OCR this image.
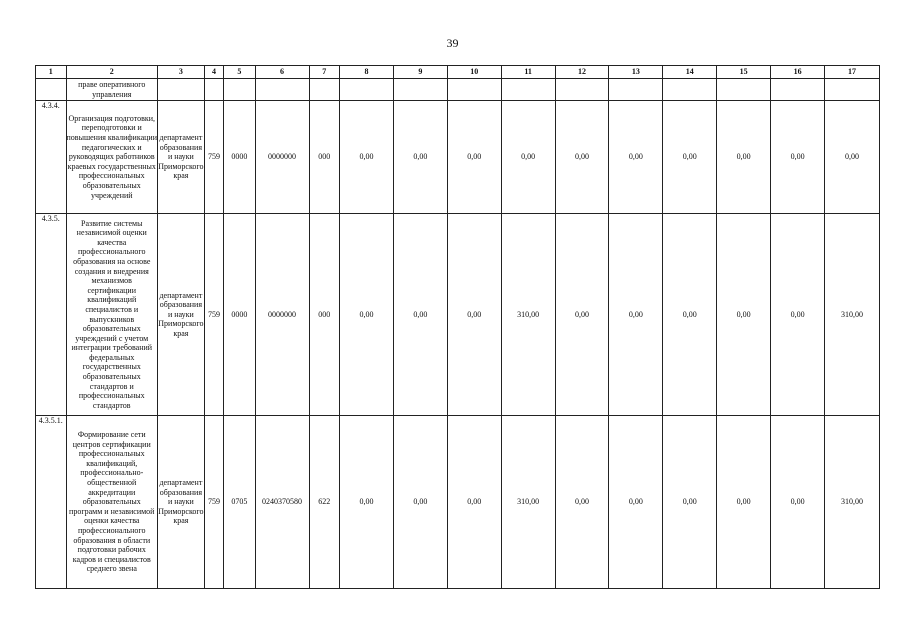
39
1	2	3	4	5	6	7	8	9	10	11	12	13	14	15	16	17
	праве оперативного управления															
4.3.4.	Организация подготовки, переподготовки и повышения квалификации педагогических и руководящих работников краевых государственных профессиональных образовательных учреждений	департамент образования и науки Приморского края	759	0000	0000000	000	0,00	0,00	0,00	0,00	0,00	0,00	0,00	0,00	0,00	0,00
4.3.5.	Развитие системы независимой оценки качества профессионального образования на основе создания и внедрения механизмов сертификации квалификаций специалистов и выпускников образовательных учреждений с учетом интеграции требований федеральных государственных образовательных стандартов и профессиональных стандартов	департамент образования и науки Приморского края	759	0000	0000000	000	0,00	0,00	0,00	310,00	0,00	0,00	0,00	0,00	0,00	310,00
4.3.5.1.	Формирование сети центров сертификации профессиональных квалификаций, профессионально-общественной аккредитации образовательных программ и независимой оценки качества профессионального образования в области подготовки рабочих кадров и специалистов среднего звена	департамент образования и науки Приморского края	759	0705	0240370580	622	0,00	0,00	0,00	310,00	0,00	0,00	0,00	0,00	0,00	310,00
